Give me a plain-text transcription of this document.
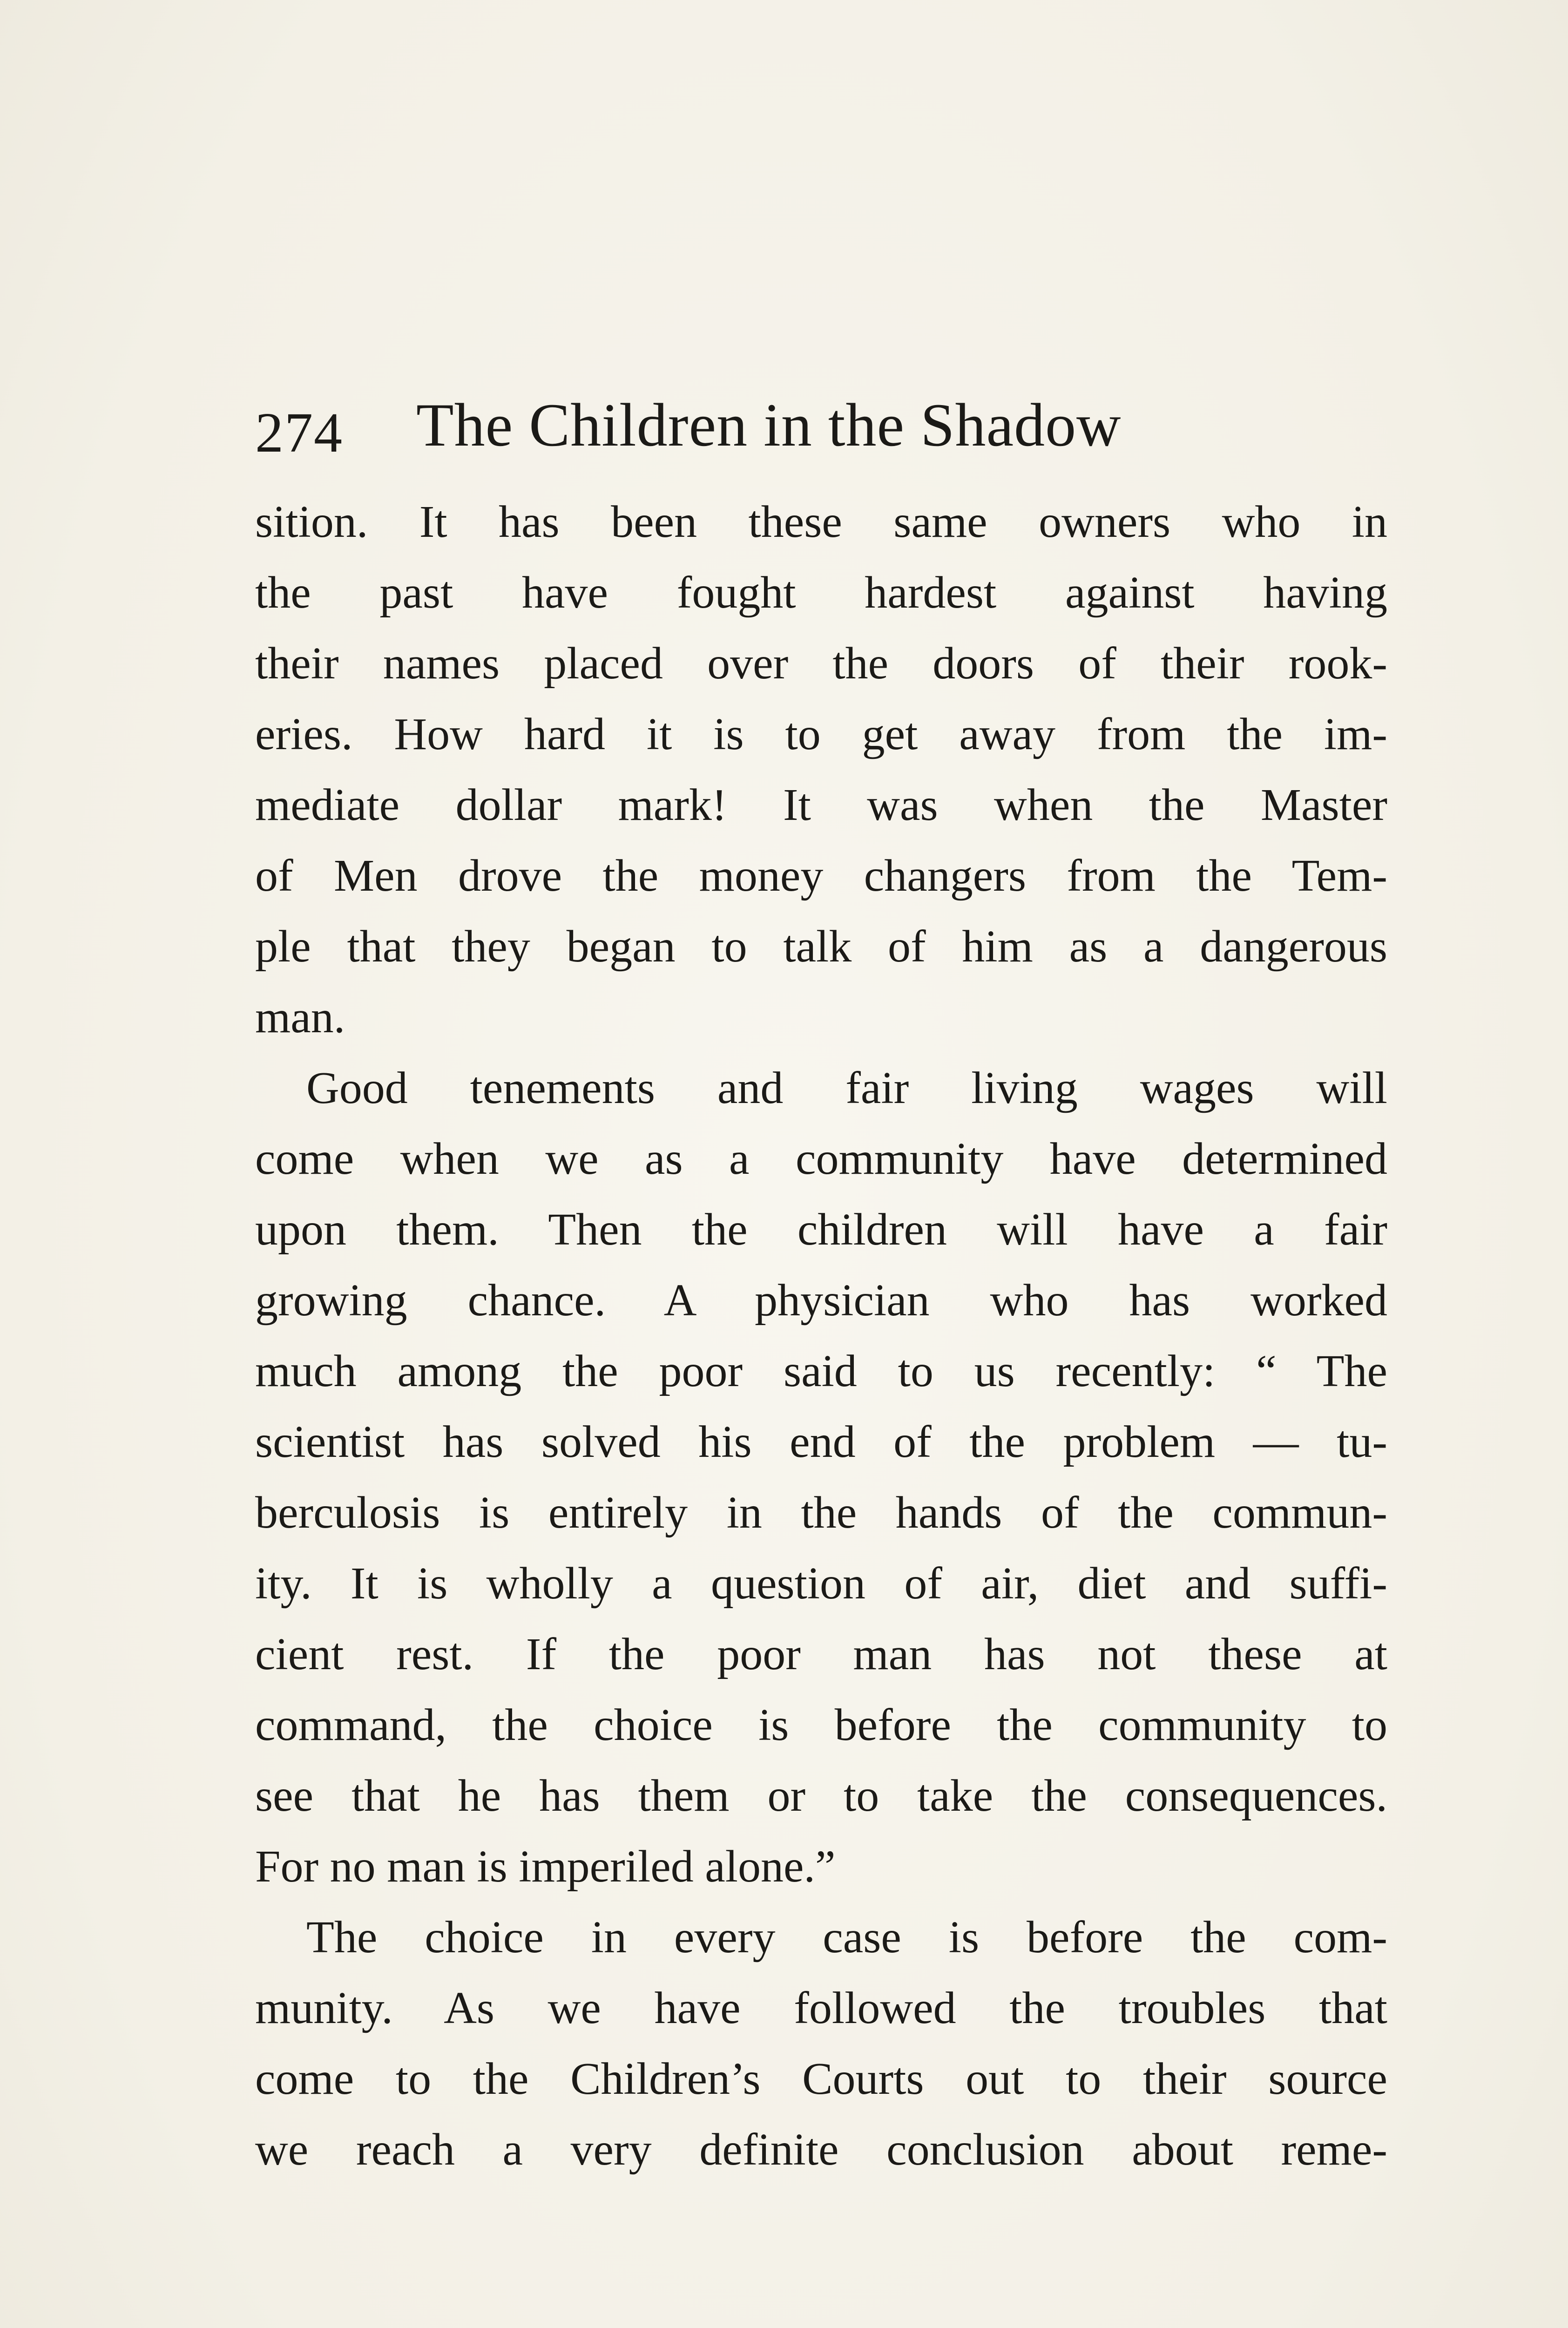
274 The Children in the Shadow
sition. It has been these same owners who in
the past have fought hardest against having
their names placed over the doors of their rook-
eries. How hard it is to get away from the im-
mediate dollar mark! It was when the Master
of Men drove the money changers from the Tem-
ple that they began to talk of him as a dangerous
man.
Good tenements and fair living wages will
come when we as a community have determined
upon them. Then the children will have a fair
growing chance. A physician who has worked
much among the poor said to us recently: “ The
scientist has solved his end of the problem — tu-
berculosis is entirely in the hands of the commun-
ity. It is wholly a question of air, diet and suffi-
cient rest. If the poor man has not these at
command, the choice is before the community to
see that he has them or to take the consequences.
For no man is imperiled alone.”
The choice in every case is before the com-
munity. As we have followed the troubles that
come to the Children’s Courts out to their source
we reach a very definite conclusion about reme-
